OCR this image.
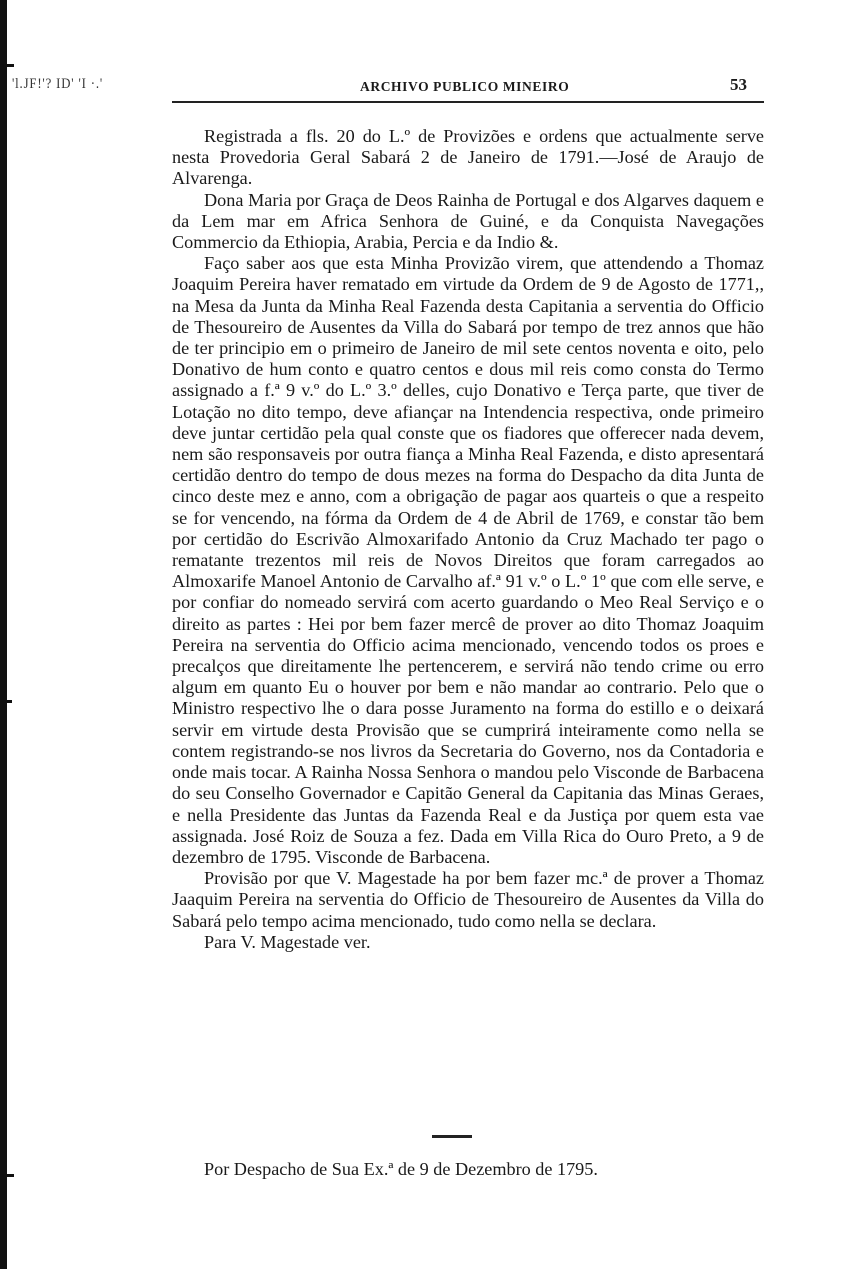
'l.JF!'? ID' 'I ·.'	ARCHIVO PUBLICO MINEIRO	53

Registrada a fls. 20 do L.º de Provizões e ordens que actualmente serve nesta Provedoria Geral Sabará 2 de Janeiro de 1791.—José de Araujo de Alvarenga.

Dona Maria por Graça de Deos Rainha de Portugal e dos Algarves daquem e da Lem mar em Africa Senhora de Guiné, e da Conquista Navegações Commercio da Ethiopia, Arabia, Percia e da Indio &.

Faço saber aos que esta Minha Provizão virem, que attendendo a Thomaz Joaquim Pereira haver rematado em virtude da Ordem de 9 de Agosto de 1771,, na Mesa da Junta da Minha Real Fazenda desta Capitania a serventia do Officio de Thesoureiro de Ausentes da Villa do Sabará por tempo de trez annos que hão de ter principio em o primeiro de Janeiro de mil sete centos noventa e oito, pelo Donativo de hum conto e quatro centos e dous mil reis como consta do Termo assignado a f.ª 9 v.º do L.º 3.º delles, cujo Donativo e Terça parte, que tiver de Lotação no dito tempo, deve afiançar na Intendencia respectiva, onde primeiro deve juntar certidão pela qual conste que os fiadores que offerecer nada devem, nem são responsaveis por outra fiança a Minha Real Fazenda, e disto apresentará certidão dentro do tempo de dous mezes na forma do Despacho da dita Junta de cinco deste mez e anno, com a obrigação de pagar aos quarteis o que a respeito se for vencendo, na fórma da Ordem de 4 de Abril de 1769, e constar tão bem por certidão do Escrivão Almoxarifado Antonio da Cruz Machado ter pago o rematante trezentos mil reis de Novos Direitos que foram carregados ao Almoxarife Manoel Antonio de Carvalho af.ª 91 v.º o L.º 1º que com elle serve, e por confiar do nomeado servirá com acerto guardando o Meo Real Serviço e o direito as partes : Hei por bem fazer mercê de prover ao dito Thomaz Joaquim Pereira na serventia do Officio acima mencionado, vencendo todos os proes e precalços que direitamente lhe pertencerem, e servirá não tendo crime ou erro algum em quanto Eu o houver por bem e não mandar ao contrario. Pelo que o Ministro respectivo lhe o dara posse Juramento na forma do estillo e o deixará servir em virtude desta Provisão que se cumprirá inteiramente como nella se contem registrando-se nos livros da Secretaria do Governo, nos da Contadoria e onde mais tocar. A Rainha Nossa Senhora o mandou pelo Visconde de Barbacena do seu Conselho Governador e Capitão General da Capitania das Minas Geraes, e nella Presidente das Juntas da Fazenda Real e da Justiça por quem esta vae assignada. José Roiz de Souza a fez. Dada em Villa Rica do Ouro Preto, a 9 de dezembro de 1795. Visconde de Barbacena.

Provisão por que V. Magestade ha por bem fazer mc.ª de prover a Thomaz Jaaquim Pereira na serventia do Officio de Thesoureiro de Ausentes da Villa do Sabará pelo tempo acima mencionado, tudo como nella se declara.

Para V. Magestade ver.

Por Despacho de Sua Ex.ª de 9 de Dezembro de 1795.
